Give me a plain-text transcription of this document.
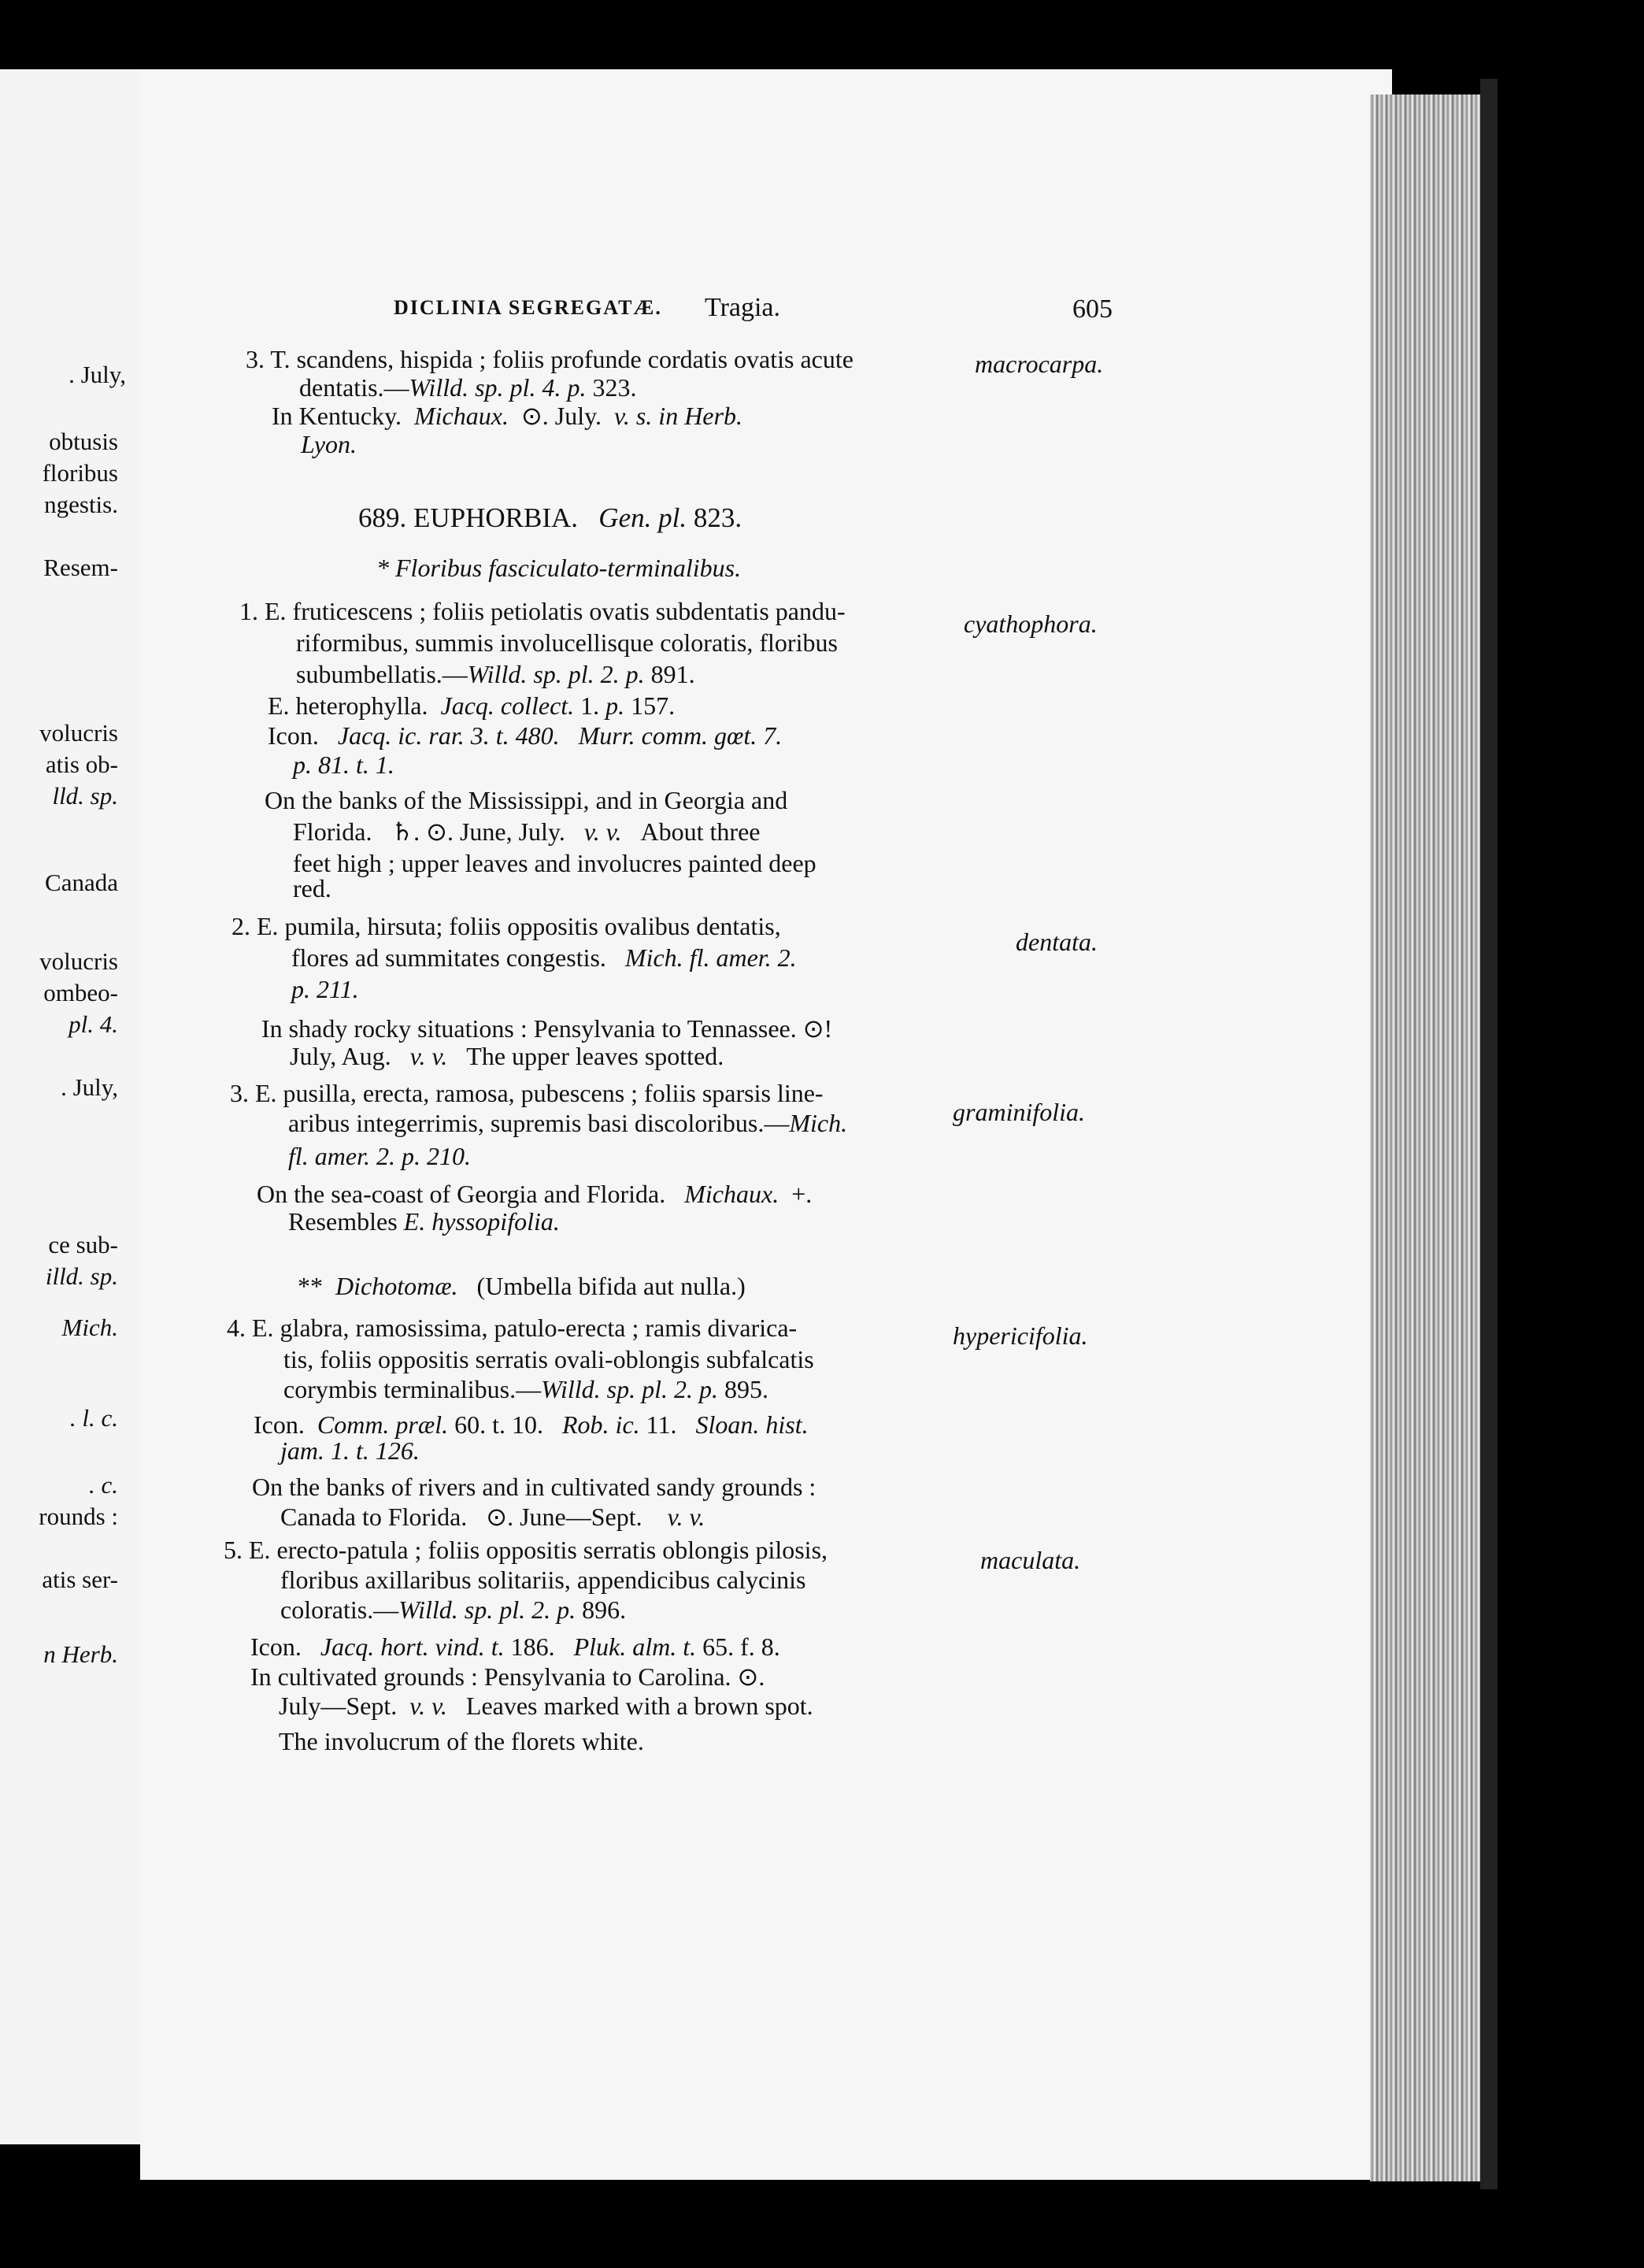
. July,
obtusis
floribus
ngestis.
Resem-
volucris
atis ob-
lld. sp.
Canada
volucris
ombeo-
pl. 4.
. July,
ce sub-
illd. sp.
Mich.
. l. c.
. c.
rounds :
atis ser-
n Herb.
DICLINIA SEGREGATÆ. Tragia.	605
3. T. scandens, hispida ; foliis profunde cordatis ovatis acute
dentatis.—Willd. sp. pl. 4. p. 323.
In Kentucky. Michaux. ⊙. July. v. s. in Herb.
Lyon.
macrocarpa.
689. EUPHORBIA. Gen. pl. 823.
* Floribus fasciculato-terminalibus.
1. E. fruticescens ; foliis petiolatis ovatis subdentatis pandu-
riformibus, summis involucellisque coloratis, floribus
subumbellatis.—Willd. sp. pl. 2. p. 891.
E. heterophylla. Jacq. collect. 1. p. 157.
Icon. Jacq. ic. rar. 3. t. 480. Murr. comm. gœt. 7.
p. 81. t. 1.
On the banks of the Mississippi, and in Georgia and
Florida. ♄. ⊙. June, July. v. v. About three
feet high ; upper leaves and involucres painted deep
red.
cyathophora.
2. E. pumila, hirsuta; foliis oppositis ovalibus dentatis,
flores ad summitates congestis. Mich. fl. amer. 2.
p. 211.
In shady rocky situations : Pensylvania to Tennassee. ⊙!
July, Aug. v. v. The upper leaves spotted.
dentata.
3. E. pusilla, erecta, ramosa, pubescens ; foliis sparsis line-
aribus integerrimis, supremis basi discoloribus.—Mich.
fl. amer. 2. p. 210.
On the sea-coast of Georgia and Florida. Michaux. +.
Resembles E. hyssopifolia.
graminifolia.
** Dichotomæ. (Umbella bifida aut nulla.)
4. E. glabra, ramosissima, patulo-erecta ; ramis divarica-
tis, foliis oppositis serratis ovali-oblongis subfalcatis
corymbis terminalibus.—Willd. sp. pl. 2. p. 895.
Icon. Comm. præl. 60. t. 10. Rob. ic. 11. Sloan. hist.
jam. 1. t. 126.
On the banks of rivers and in cultivated sandy grounds :
Canada to Florida. ⊙. June—Sept. v. v.
hypericifolia.
5. E. erecto-patula ; foliis oppositis serratis oblongis pilosis,
floribus axillaribus solitariis, appendicibus calycinis
coloratis.—Willd. sp. pl. 2. p. 896.
Icon. Jacq. hort. vind. t. 186. Pluk. alm. t. 65. f. 8.
In cultivated grounds : Pensylvania to Carolina. ⊙.
July—Sept. v. v. Leaves marked with a brown spot.
The involucrum of the florets white.
maculata.
